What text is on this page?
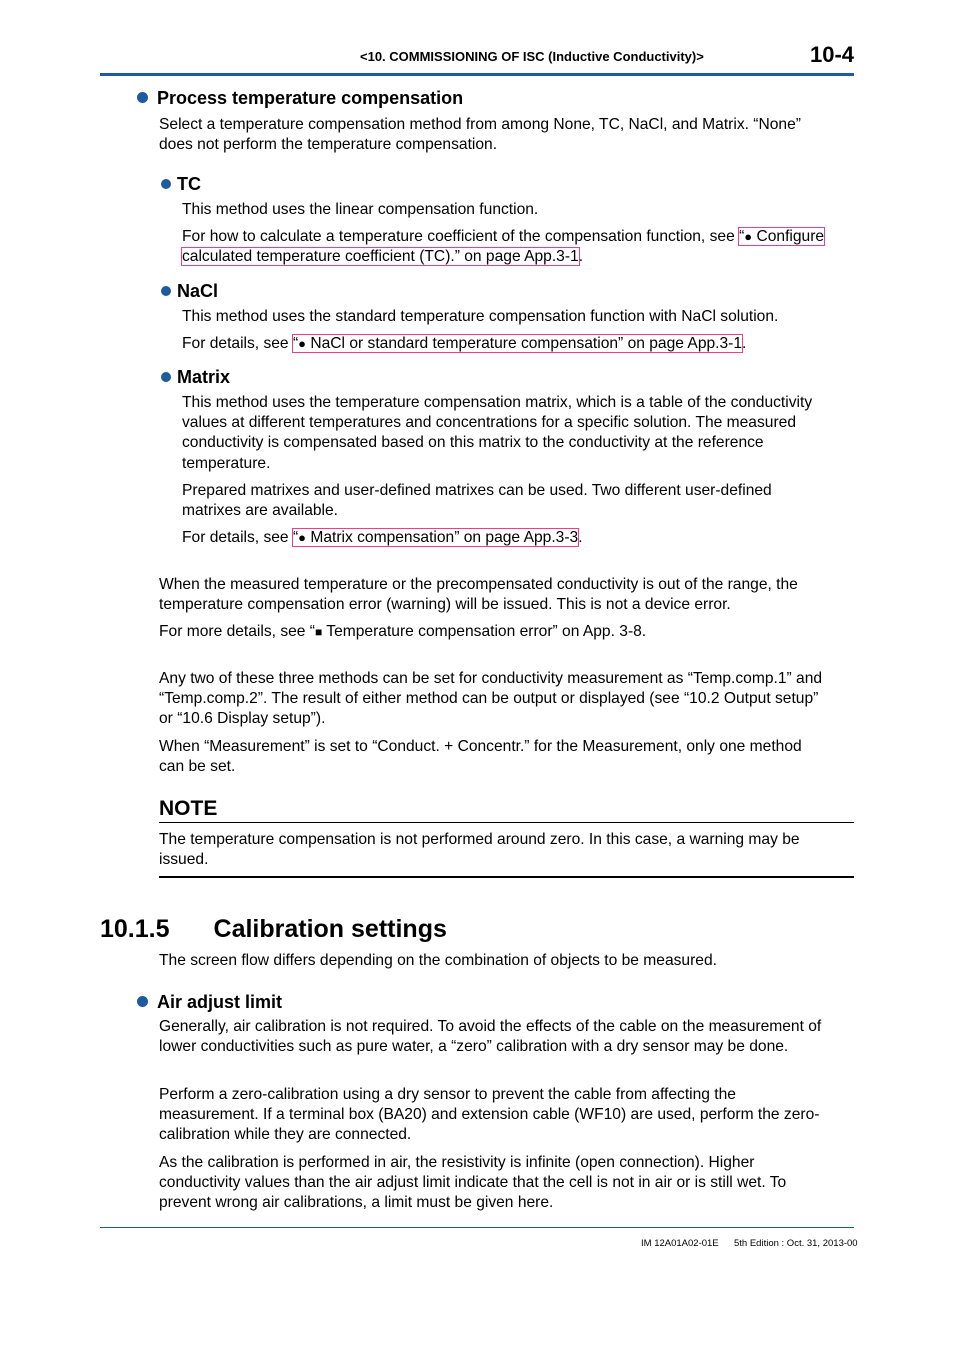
<10. COMMISSIONING OF ISC (Inductive Conductivity)>	10-4
Process temperature compensation
Select a temperature compensation method from among None, TC, NaCl, and Matrix. “None”
does not perform the temperature compensation.
TC
This method uses the linear compensation function.
For how to calculate a temperature coefficient of the compensation function, see “● Configure
calculated temperature coefficient (TC).” on page App.3-1.
NaCl
This method uses the standard temperature compensation function with NaCl solution.
For details, see “● NaCl or standard temperature compensation” on page App.3-1.
Matrix
This method uses the temperature compensation matrix, which is a table of the conductivity
values at different temperatures and concentrations for a specific solution. The measured
conductivity is compensated based on this matrix to the conductivity at the reference
temperature.
Prepared matrixes and user-defined matrixes can be used. Two different user-defined
matrixes are available.
For details, see “● Matrix compensation” on page App.3-3.
When the measured temperature or the precompensated conductivity is out of the range, the
temperature compensation error (warning) will be issued. This is not a device error.
For more details, see “■ Temperature compensation error” on App. 3-8.
Any two of these three methods can be set for conductivity measurement as “Temp.comp.1” and
“Temp.comp.2”. The result of either method can be output or displayed (see “10.2 Output setup”
or “10.6 Display setup”).
When “Measurement” is set to “Conduct. + Concentr.” for the Measurement, only one method
can be set.
NOTE
The temperature compensation is not performed around zero. In this case, a warning may be
issued.
10.1.5 Calibration settings
The screen flow differs depending on the combination of objects to be measured.
Air adjust limit
Generally, air calibration is not required. To avoid the effects of the cable on the measurement of
lower conductivities such as pure water, a “zero” calibration with a dry sensor may be done.
Perform a zero-calibration using a dry sensor to prevent the cable from affecting the
measurement. If a terminal box (BA20) and extension cable (WF10) are used, perform the zero-
calibration while they are connected.
As the calibration is performed in air, the resistivity is infinite (open connection). Higher
conductivity values than the air adjust limit indicate that the cell is not in air or is still wet. To
prevent wrong air calibrations, a limit must be given here.
IM 12A01A02-01E 5th Edition : Oct. 31, 2013-00
